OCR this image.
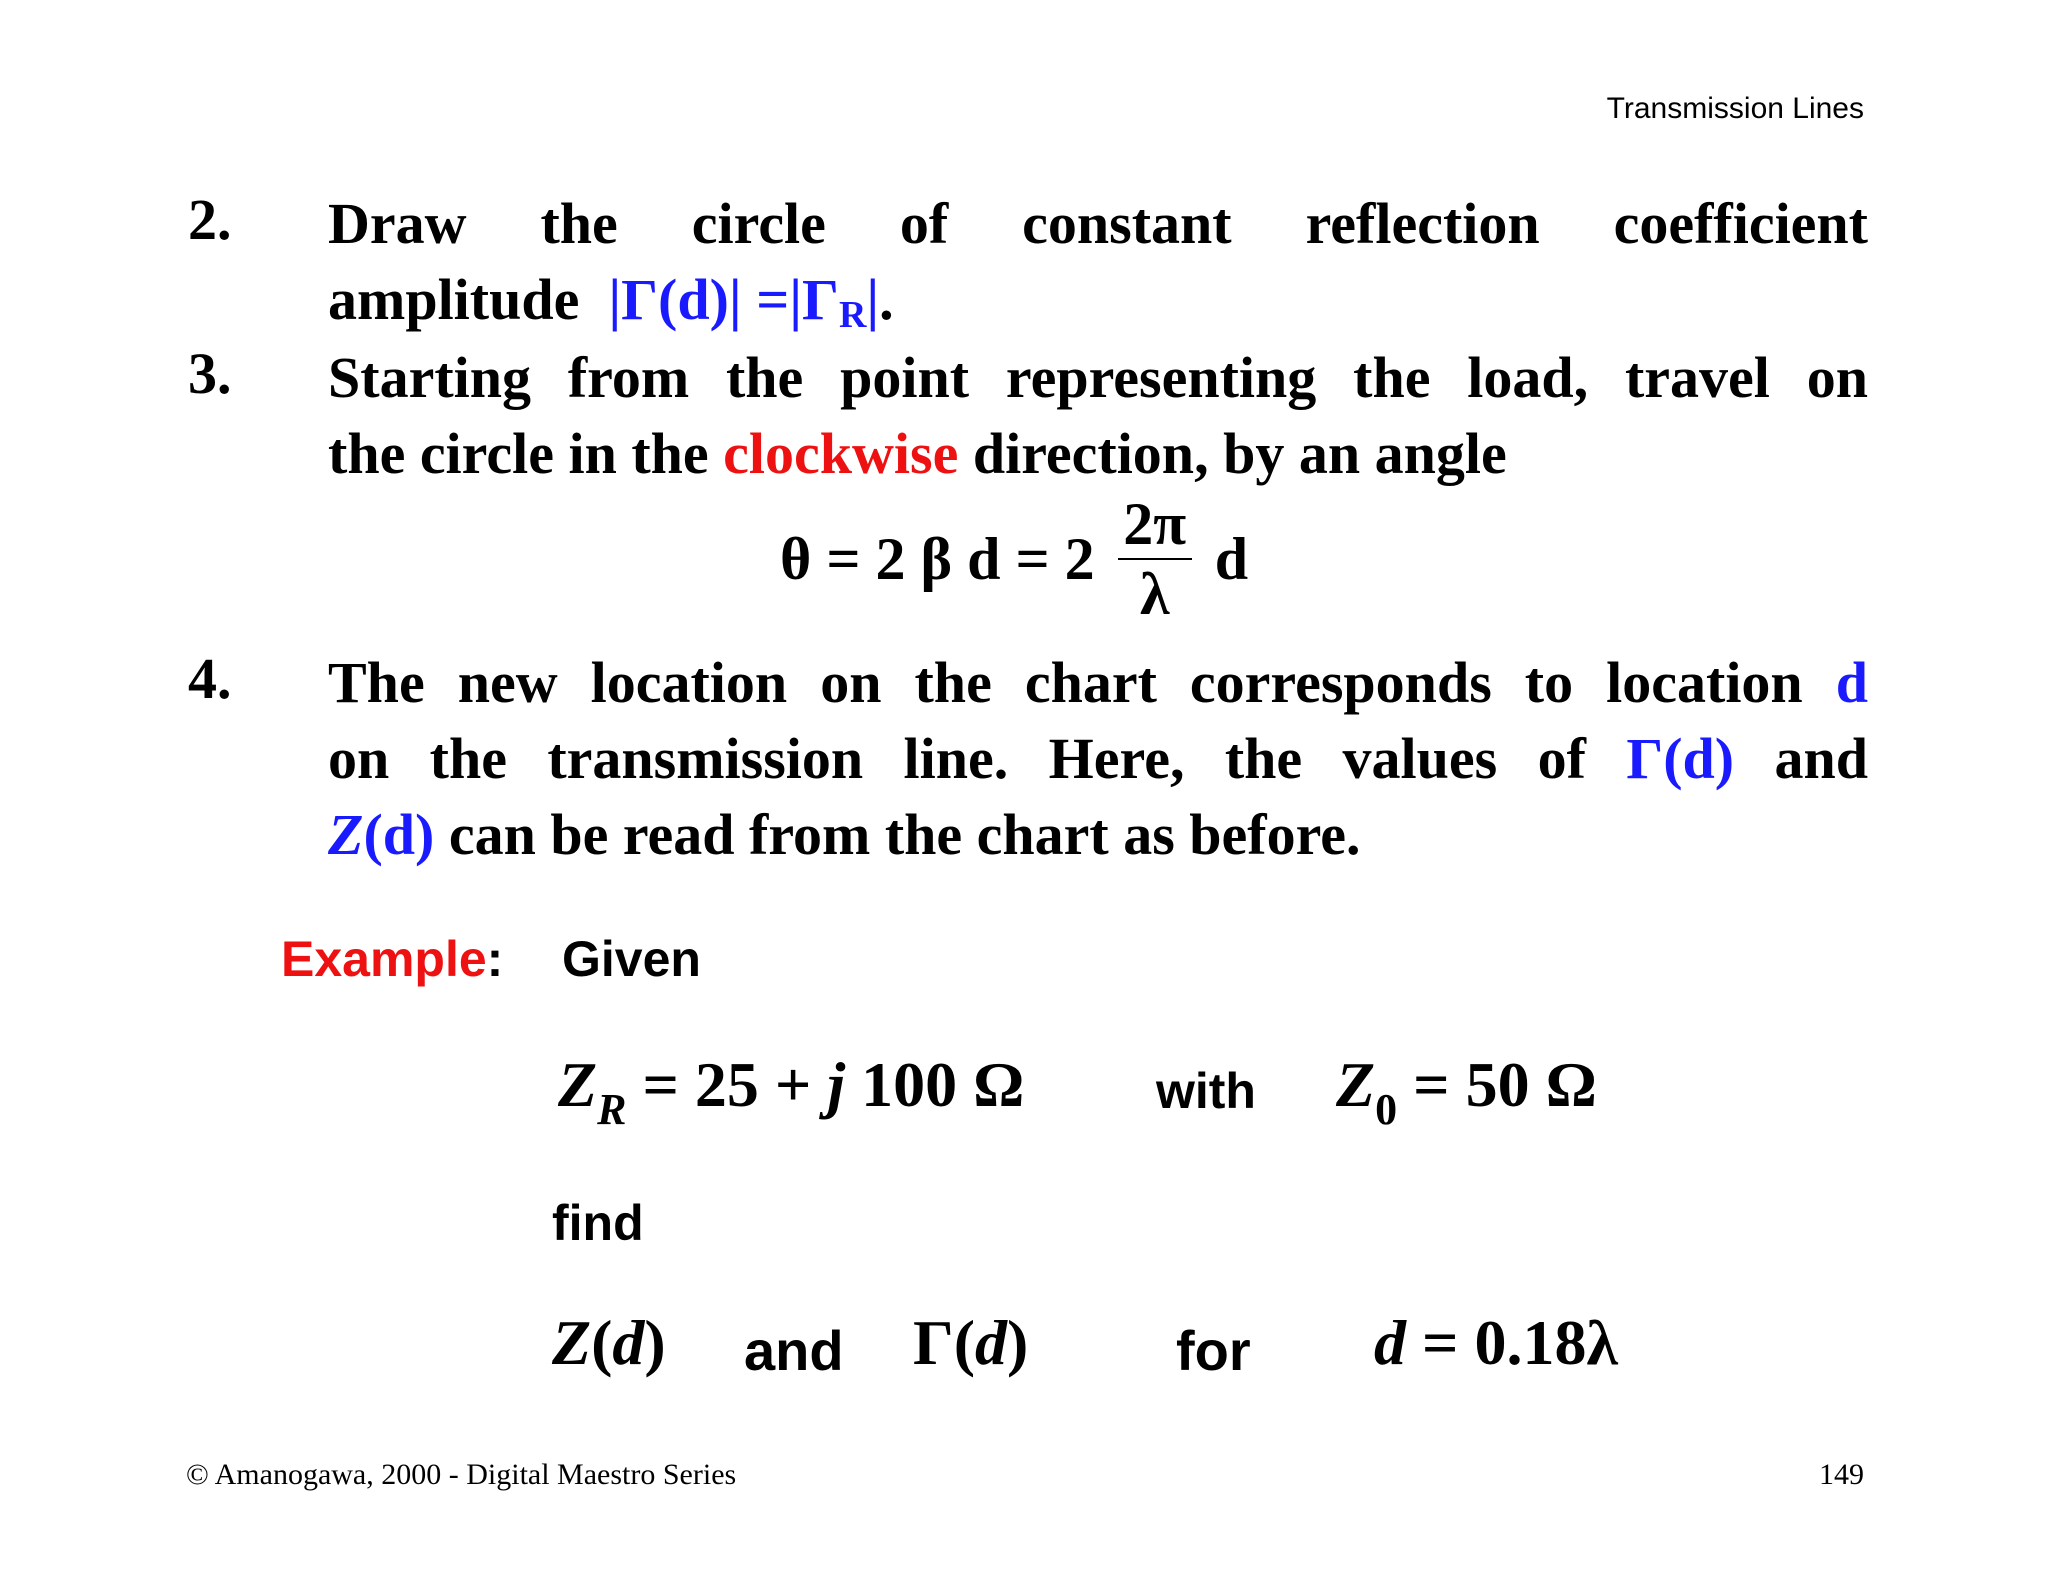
Transmission Lines
2. Draw the circle of constant reflection coefficient
amplitude $|\Gamma(d)| =|\Gamma_R|$.
3. Starting from the point representing the load, travel on
the circle in the clockwise direction, by an angle
θ = 2 β $d = 2 \frac{2\pi}{\lambda}$ d
4. The new location on the chart corresponds to location d
on the transmission line. Here, the values of Γ(d) and
Z(d) can be read from the chart as before.
Example: Given
$Z_R = 25 + j$ 100 Ω	with $Z_0 = 50$ Ω
find
Z(d) and Γ(d)	for d = 0.18λ
© Amanogawa, 2000 - Digital Maestro Series	149
